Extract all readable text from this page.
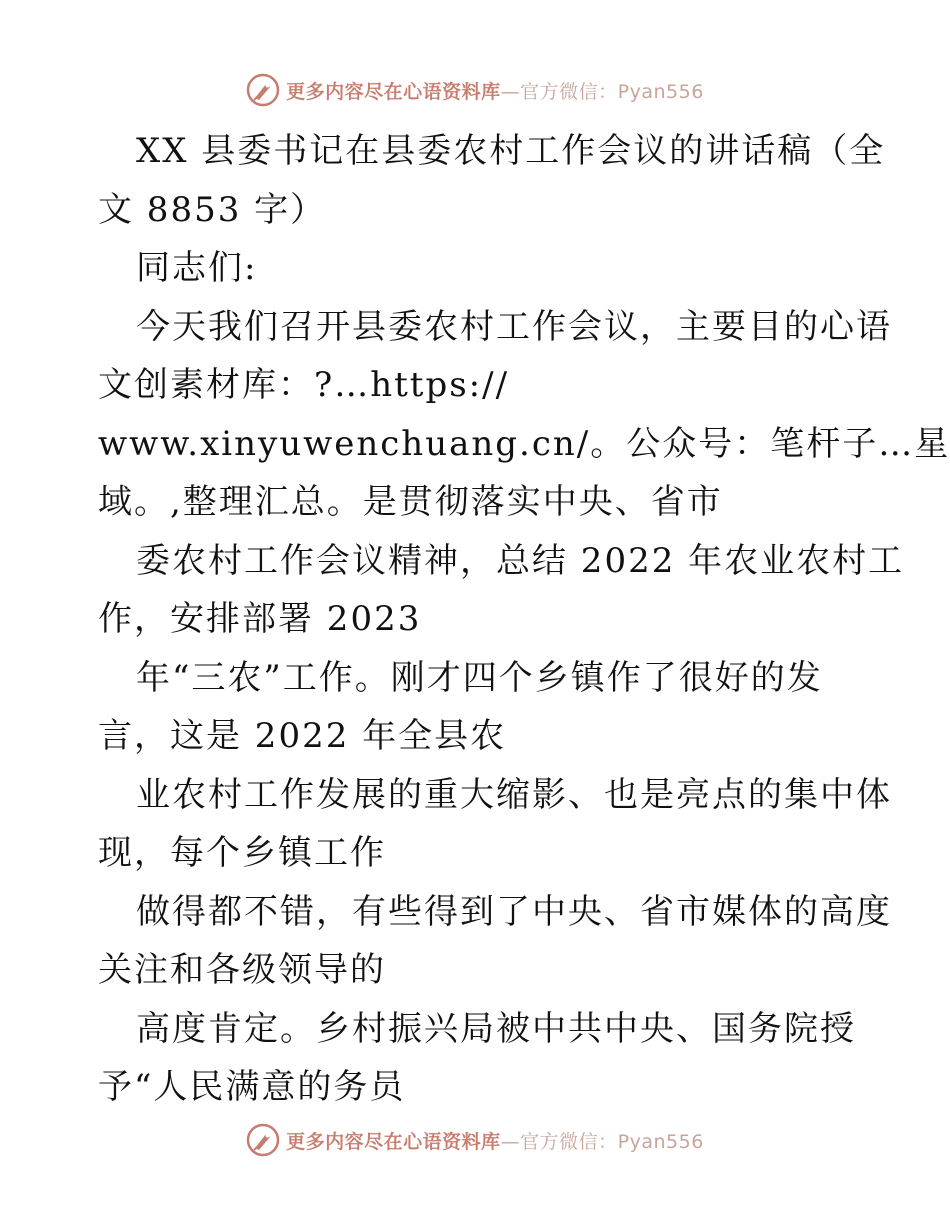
更多内容尽在心语资料库—官方微信：Pyan556
XX 县委书记在县委农村工作会议的讲话稿（全
文 8853 字）
同志们:
今天我们召开县委农村工作会议，主要目的心语
文创素材库：?…https://
www.xinyuwenchuang.cn/。公众号：笔杆子…星
域。,整理汇总。是贯彻落实中央、省市
委农村工作会议精神，总结 2022 年农业农村工
作，安排部署 2023
年“三农”工作。刚才四个乡镇作了很好的发
言，这是 2022 年全县农
业农村工作发展的重大缩影、也是亮点的集中体
现，每个乡镇工作
做得都不错，有些得到了中央、省市媒体的高度
关注和各级领导的
高度肯定。乡村振兴局被中共中央、国务院授
予“人民满意的务员
更多内容尽在心语资料库—官方微信：Pyan556
